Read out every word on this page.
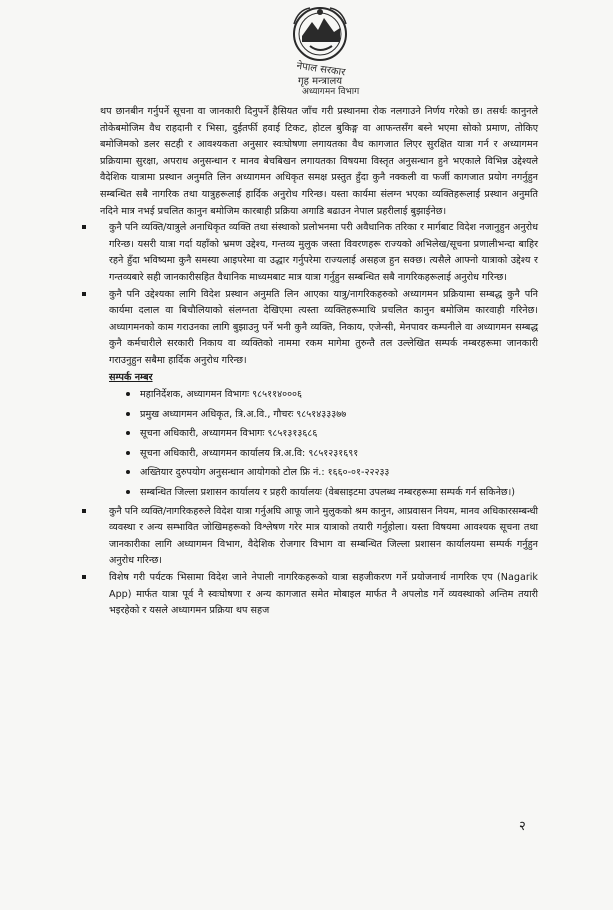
नेपाल सरकार
गृह मन्त्रालय
अध्यागमन विभाग

थप छानबीन गर्नुपर्ने सूचना वा जानकारी दिनुपर्ने हैसियत जाँच गरी प्रस्थानमा रोक नलगाउने निर्णय गरेको छ। तसर्थः कानुनले तोकेबमोजिम वैध राहदानी र भिसा, दुईतर्फी हवाई टिकट, होटल बुकिङ्ग वा आफन्तसँग बस्ने भएमा सोको प्रमाण, तोकिए बमोजिमको डलर सटही र आवश्यकता अनुसार स्वःघोषणा लगायतका वैध कागजात लिएर सुरक्षित यात्रा गर्न र अध्यागमन प्रक्रियामा सुरक्षा, अपराध अनुसन्धान र मानव बेचबिखन लगायतका विषयमा विस्तृत अनुसन्धान हुने भएकाले विभिन्न उद्देश्यले वैदेशिक यात्रामा प्रस्थान अनुमति लिन अध्यागमन अधिकृत समक्ष प्रस्तुत हुँदा कुनै नक्कली वा फर्जी कागजात प्रयोग नगर्नुहुन सम्बन्धित सबै नागरिक तथा यात्रुहरूलाई हार्दिक अनुरोध गरिन्छ। यस्ता कार्यमा संलग्न भएका व्यक्तिहरूलाई प्रस्थान अनुमति नदिने मात्र नभई प्रचलित कानुन बमोजिम कारबाही प्रक्रिया अगाडि बढाउन नेपाल प्रहरीलाई बुझाईनेछ।

कुनै पनि व्यक्ति/यात्रुले अनाधिकृत व्यक्ति तथा संस्थाको प्रलोभनमा परी अवैधानिक तरिका र मार्गबाट विदेश नजानुहुन अनुरोध गरिन्छ। यसरी यात्रा गर्दा यहाँको भ्रमण उद्देश्य, गन्तव्य मुलुक जस्ता विवरणहरू राज्यको अभिलेख/सूचना प्रणालीभन्दा बाहिर रहने हुँदा भविष्यमा कुनै समस्या आइपरेमा वा उद्धार गर्नुपरेमा राज्यलाई असहज हुन सक्छ। त्यसैले आफ्नो यात्राको उद्देश्य र गन्तव्यबारे सही जानकारीसहित वैधानिक माध्यमबाट मात्र यात्रा गर्नुहुन सम्बन्धित सबै नागरिकहरूलाई अनुरोध गरिन्छ।

कुनै पनि उद्देश्यका लागि विदेश प्रस्थान अनुमति लिन आएका यात्रु/नागरिकहरुको अध्यागमन प्रक्रियामा सम्बद्ध कुनै पनि कार्यमा दलाल वा बिचौलियाको संलग्नता देखिएमा त्यस्ता व्यक्तिहरूमाथि प्रचलित कानुन बमोजिम कारवाही गरिनेछ। अध्यागमनको काम गराउनका लागि बुझाउनु पर्ने भनी कुनै व्यक्ति, निकाय, एजेन्सी, मेनपावर कम्पनीले वा अध्यागमन सम्बद्ध कुनै कर्मचारीले सरकारी निकाय वा व्यक्तिको नाममा रकम मागेमा तुरुन्तै तल उल्लेखित सम्पर्क नम्बरहरूमा जानकारी गराउनुहुन सबैमा हार्दिक अनुरोध गरिन्छ।

सम्पर्क नम्बर

महानिर्देशक, अध्यागमन विभागः ९८५११४०००६
प्रमुख अध्यागमन अधिकृत, त्रि.अ.वि., गौचरः ९८५१४३३३७७
सूचना अधिकारी, अध्यागमन विभागः ९८५१३१३६८६
सूचना अधिकारी, अध्यागमन कार्यालय त्रि.अ.वि: ९८५१२३१६९१
अख्तियार दुरुपयोग अनुसन्धान आयोगको टोल फ्रि नं.: १६६०-०१-२२२३३
सम्बन्धित जिल्ला प्रशासन कार्यालय र प्रहरी कार्यालयः (वेबसाइटमा उपलब्ध नम्बरहरूमा सम्पर्क गर्न सकिनेछ।)

कुनै पनि व्यक्ति/नागरिकहरुले विदेश यात्रा गर्नुअघि आफू जाने मुलुकको श्रम कानुन, आप्रवासन नियम, मानव अधिकारसम्बन्धी व्यवस्था र अन्य सम्भावित जोखिमहरूको विश्लेषण गरेर मात्र यात्राको तयारी गर्नुहोला। यस्ता विषयमा आवश्यक सूचना तथा जानकारीका लागि अध्यागमन विभाग, वैदेशिक रोजगार विभाग वा सम्बन्धित जिल्ला प्रशासन कार्यालयमा सम्पर्क गर्नुहुन अनुरोध गरिन्छ।

विशेष गरी पर्यटक भिसामा विदेश जाने नेपाली नागरिकहरूको यात्रा सहजीकरण गर्ने प्रयोजनार्थ नागरिक एप (Nagarik App) मार्फत यात्रा पूर्व नै स्वःघोषणा र अन्य कागजात समेत मोबाइल मार्फत नै अपलोड गर्ने व्यवस्थाको अन्तिम तयारी भइरहेको र यसले अध्यागमन प्रक्रिया थप सहज

२
